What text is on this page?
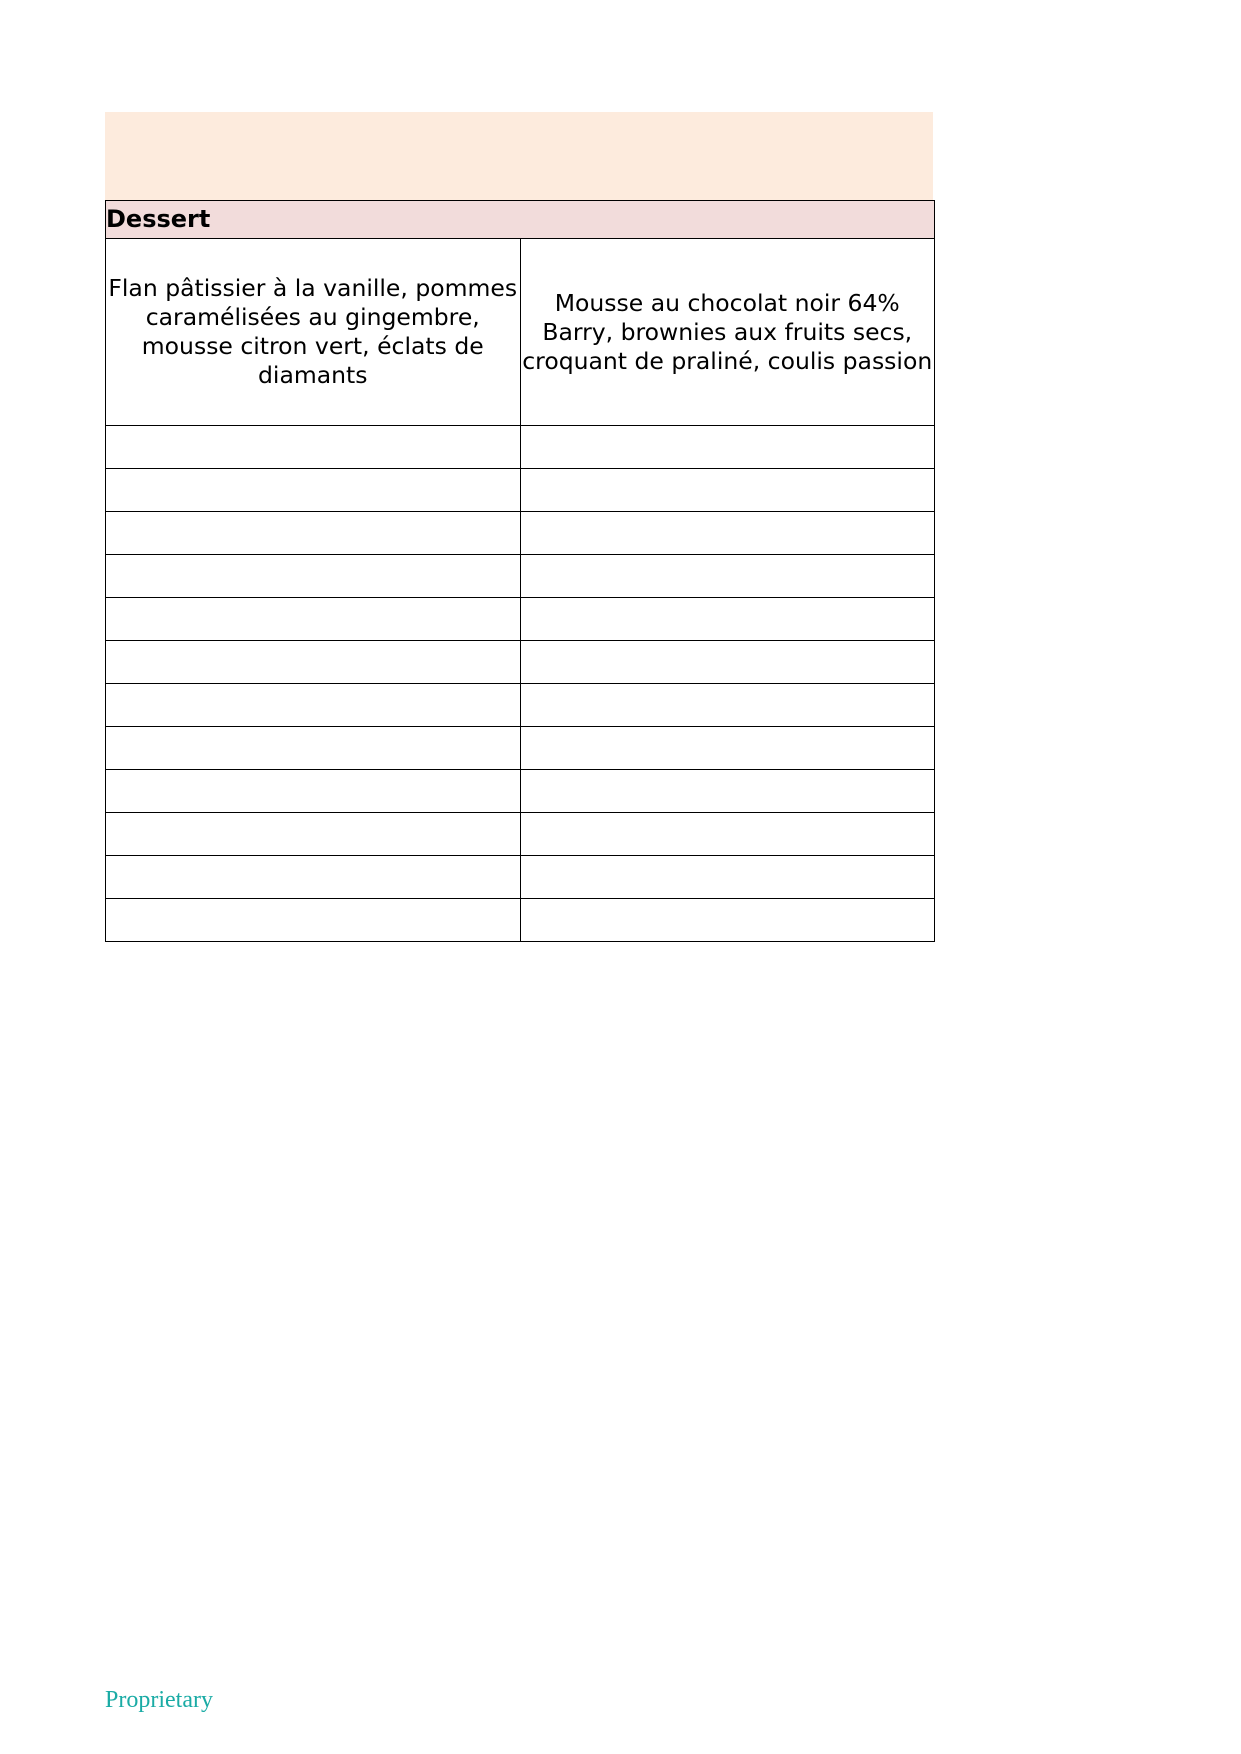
Dessert	
Flan pâtissier à la vanille, pommes caramélisées au gingembre, mousse citron vert, éclats de diamants	Mousse au chocolat noir 64% Barry, brownies aux fruits secs, croquant de praliné, coulis passion

Proprietary
